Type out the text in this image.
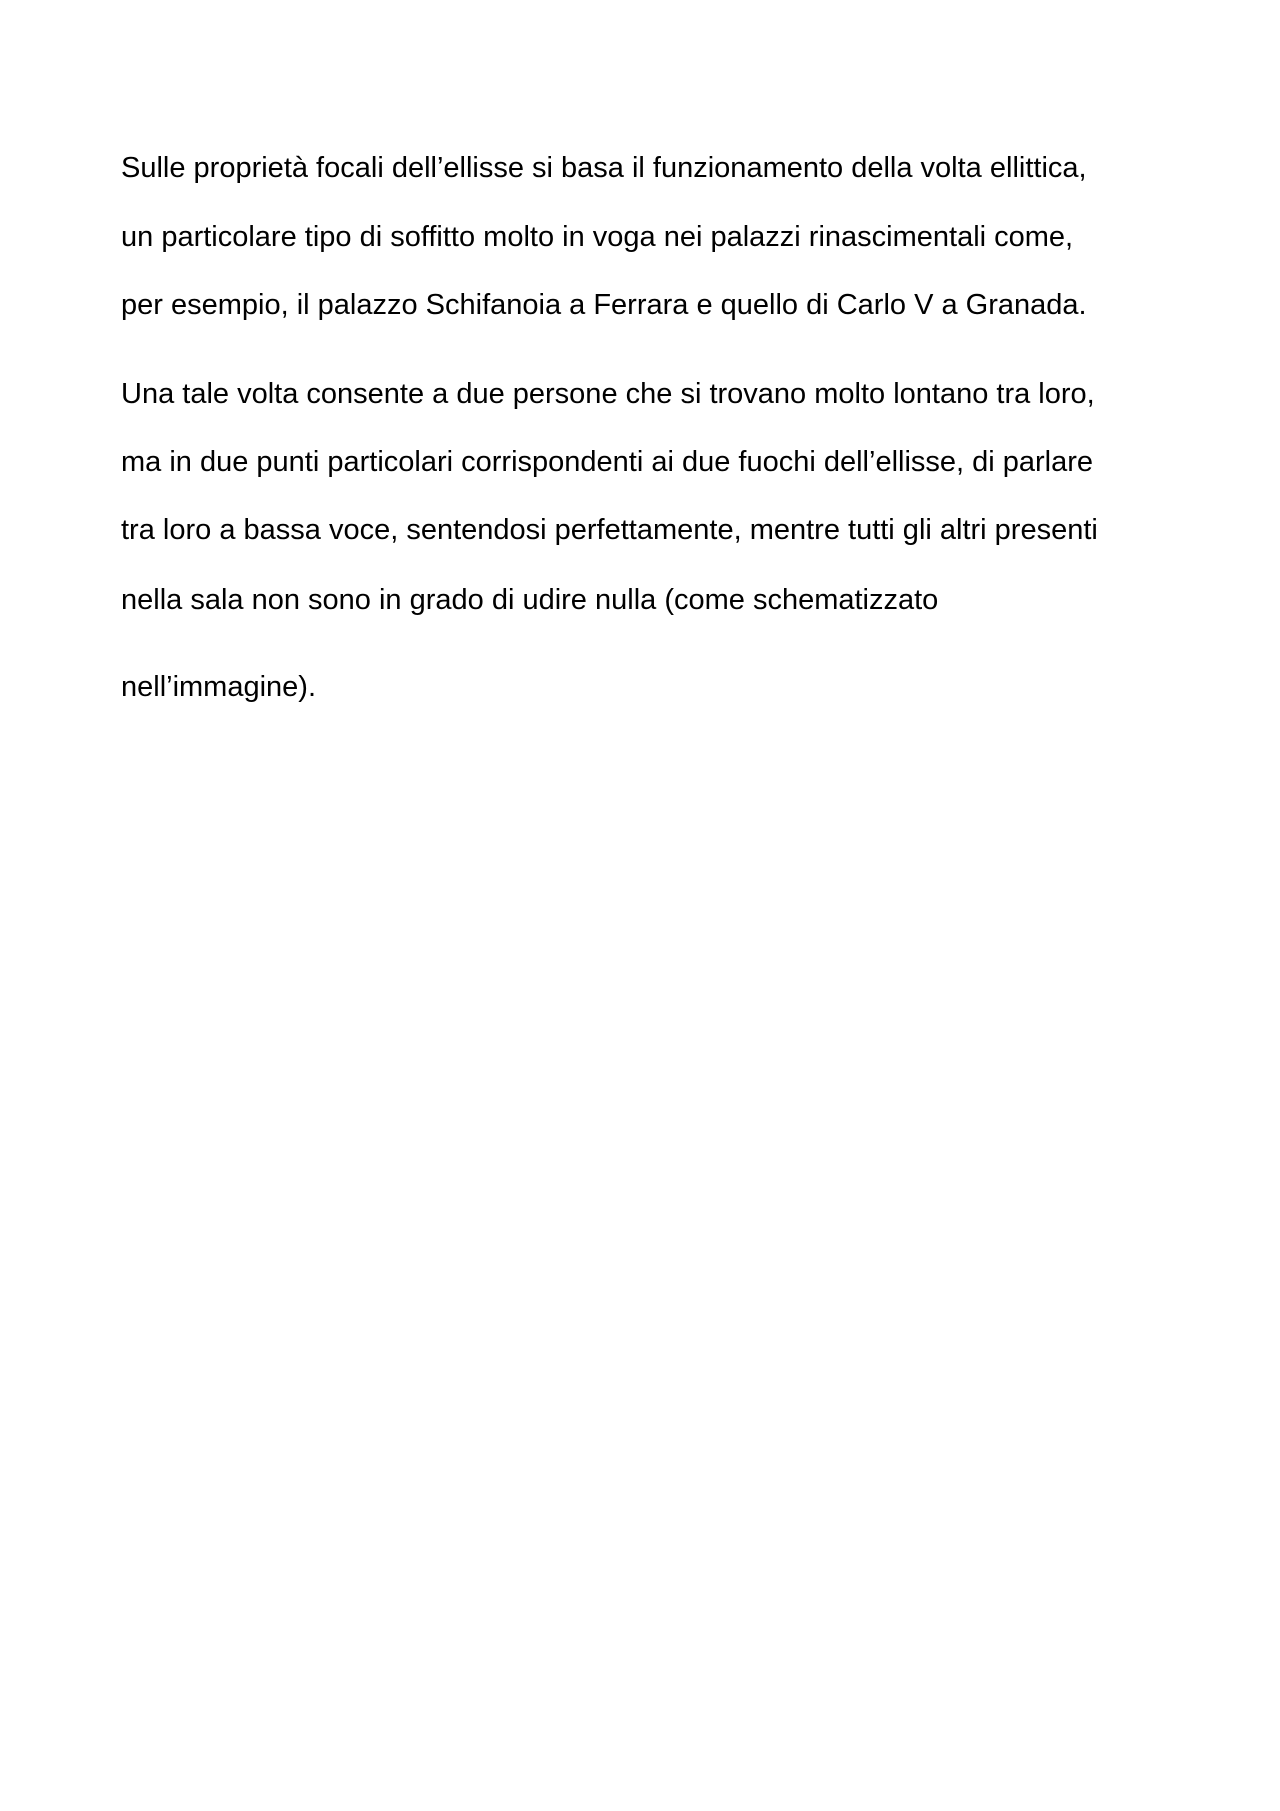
Sulle proprietà focali dell’ellisse si basa il funzionamento della volta ellittica,

un particolare tipo di soffitto molto in voga nei palazzi rinascimentali come,

per esempio, il palazzo Schifanoia a Ferrara e quello di Carlo V a Granada.

Una tale volta consente a due persone che si trovano molto lontano tra loro,

ma in due punti particolari corrispondenti ai due fuochi dell’ellisse, di parlare

tra loro a bassa voce, sentendosi perfettamente, mentre tutti gli altri presenti

nella sala non sono in grado di udire nulla (come schematizzato

nell’immagine).
